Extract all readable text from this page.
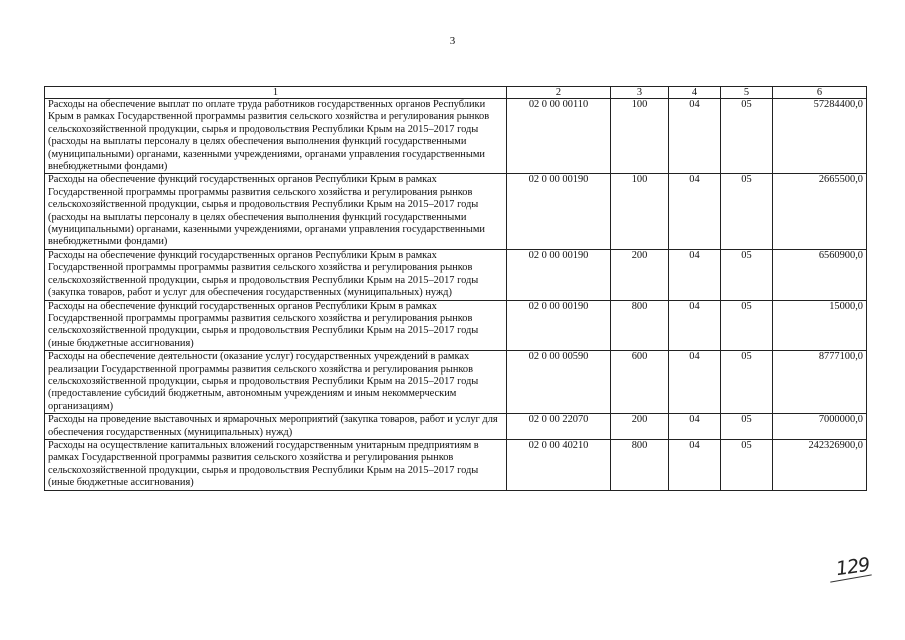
3
1	2	3	4	5	6
Расходы на обеспечение выплат по оплате труда работников государственных органов Республики Крым в рамках Государственной программы развития сельского хозяйства и регулирования рынков сельскохозяйственной продукции, сырья и продовольствия Республики Крым на 2015–2017 годы (расходы на выплаты персоналу в целях обеспечения выполнения функций государственными (муниципальными) органами, казенными учреждениями, органами управления государственными внебюджетными фондами)	02 0 00 00110	100	04	05	57284400,0
Расходы на обеспечение функций государственных органов Республики Крым в рамках Государственной программы программы развития сельского хозяйства и регулирования рынков сельскохозяйственной продукции, сырья и продовольствия Республики Крым на 2015–2017 годы (расходы на выплаты персоналу в целях обеспечения выполнения функций государственными (муниципальными) органами, казенными учреждениями, органами управления государственными внебюджетными фондами)	02 0 00 00190	100	04	05	2665500,0
Расходы на обеспечение функций государственных органов Республики Крым в рамках Государственной программы программы развития сельского хозяйства и регулирования рынков сельскохозяйственной продукции, сырья и продовольствия Республики Крым на 2015–2017 годы (закупка товаров, работ и услуг для обеспечения государственных (муниципальных) нужд)	02 0 00 00190	200	04	05	6560900,0
Расходы на обеспечение функций государственных органов Республики Крым в рамках Государственной программы программы развития сельского хозяйства и регулирования рынков сельскохозяйственной продукции, сырья и продовольствия Республики Крым на 2015–2017 годы (иные бюджетные ассигнования)	02 0 00 00190	800	04	05	15000,0
Расходы на обеспечение деятельности (оказание услуг) государственных учреждений в рамках реализации Государственной программы развития сельского хозяйства и регулирования рынков сельскохозяйственной продукции, сырья и продовольствия Республики Крым на 2015–2017 годы (предоставление субсидий бюджетным, автономным учреждениям и иным некоммерческим организациям)	02 0 00 00590	600	04	05	8777100,0
Расходы на проведение выставочных и ярмарочных мероприятий (закупка товаров, работ и услуг для обеспечения государственных (муниципальных) нужд)	02 0 00 22070	200	04	05	7000000,0
Расходы на осуществление капитальных вложений государственным унитарным предприятиям в рамках Государственной программы развития сельского хозяйства и регулирования рынков сельскохозяйственной продукции, сырья и продовольствия Республики Крым на 2015–2017 годы (иные бюджетные ассигнования)	02 0 00 40210	800	04	05	242326900,0
129
